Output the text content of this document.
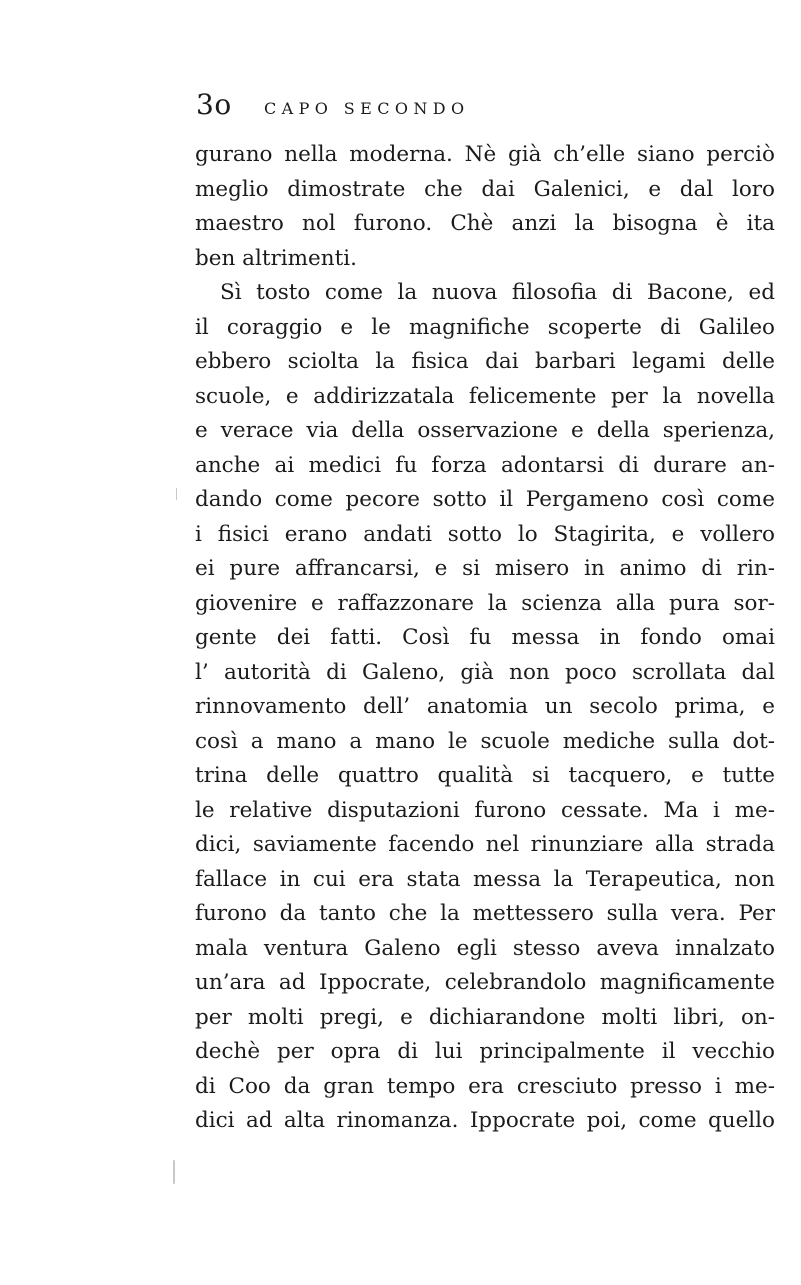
3o CAPO SECONDO
gurano nella moderna. Nè già ch’elle siano perciò
meglio dimostrate che dai Galenici, e dal loro
maestro nol furono. Chè anzi la bisogna è ita
ben altrimenti.
Sì tosto come la nuova filosofia di Bacone, ed
il coraggio e le magnifiche scoperte di Galileo
ebbero sciolta la fisica dai barbari legami delle
scuole, e addirizzatala felicemente per la novella
e verace via della osservazione e della sperienza,
anche ai medici fu forza adontarsi di durare an-
dando come pecore sotto il Pergameno così come
i fisici erano andati sotto lo Stagirita, e vollero
ei pure affrancarsi, e si misero in animo di rin-
giovenire e raffazzonare la scienza alla pura sor-
gente dei fatti. Così fu messa in fondo omai
l’ autorità di Galeno, già non poco scrollata dal
rinnovamento dell’ anatomia un secolo prima, e
così a mano a mano le scuole mediche sulla dot-
trina delle quattro qualità si tacquero, e tutte
le relative disputazioni furono cessate. Ma i me-
dici, saviamente facendo nel rinunziare alla strada
fallace in cui era stata messa la Terapeutica, non
furono da tanto che la mettessero sulla vera. Per
mala ventura Galeno egli stesso aveva innalzato
un’ara ad Ippocrate, celebrandolo magnificamente
per molti pregi, e dichiarandone molti libri, on-
dechè per opra di lui principalmente il vecchio
di Coo da gran tempo era cresciuto presso i me-
dici ad alta rinomanza. Ippocrate poi, come quello
